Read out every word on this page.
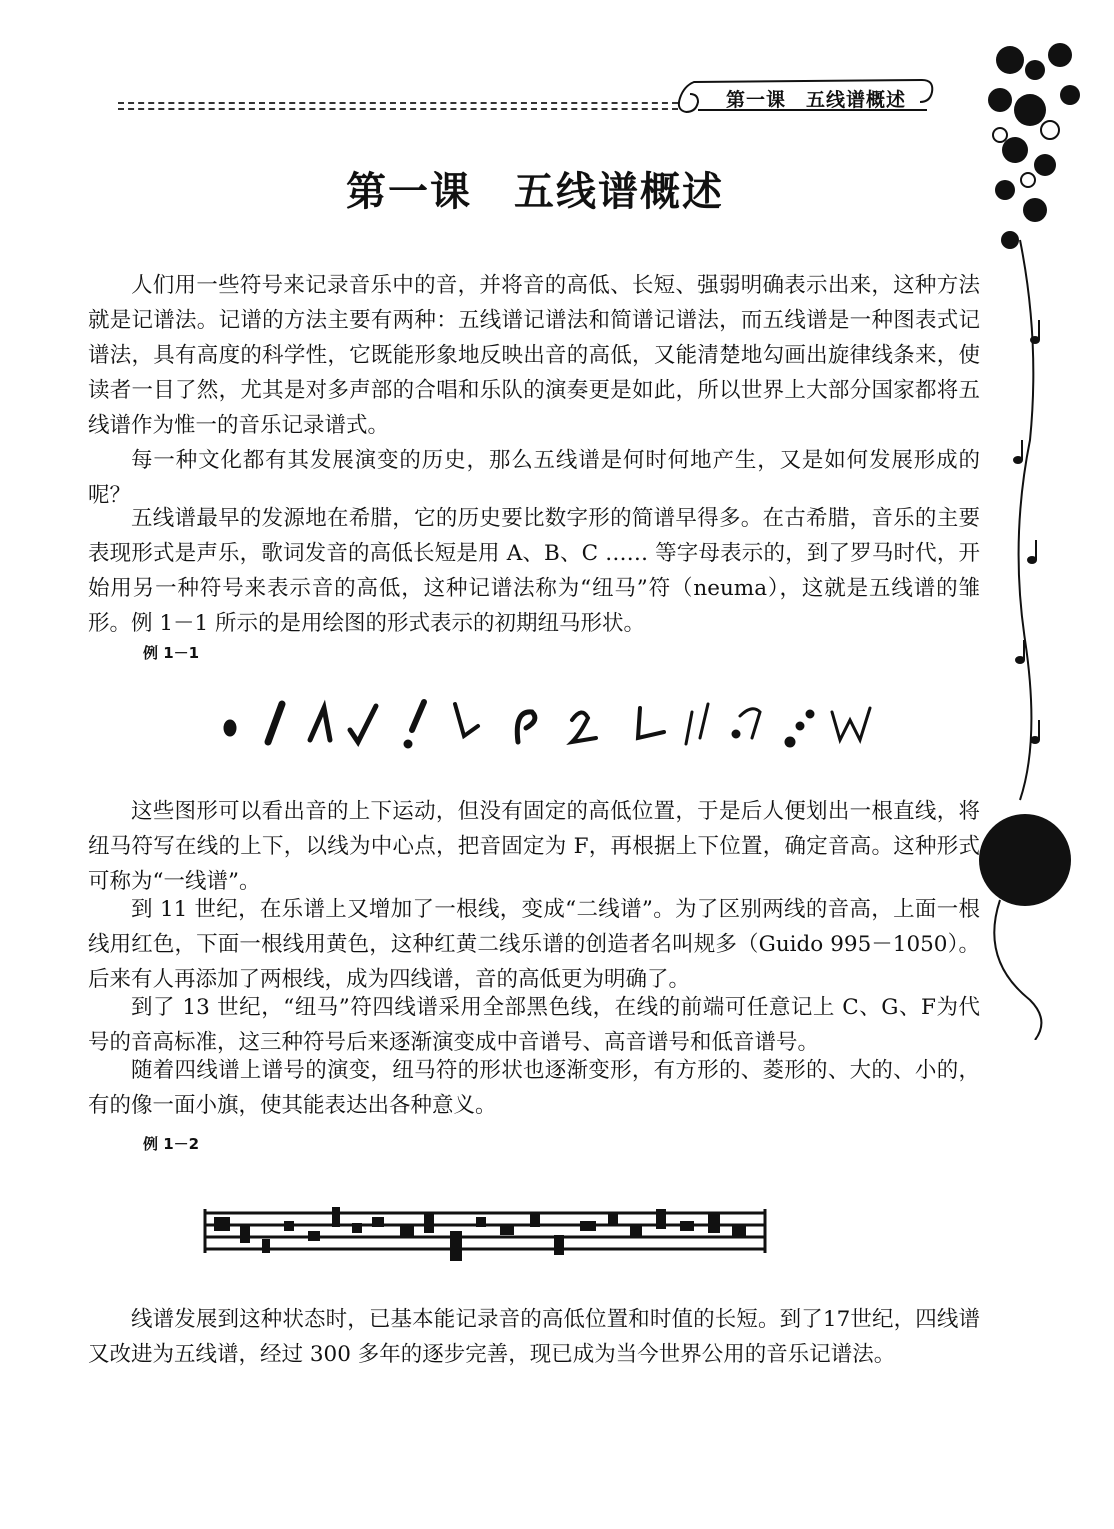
第一课　五线谱概述
第一课　五线谱概述

人们用一些符号来记录音乐中的音，并将音的高低、长短、强弱明确表示出来，这种方法就是记谱法。记谱的方法主要有两种：五线谱记谱法和简谱记谱法，而五线谱是一种图表式记谱法，具有高度的科学性，它既能形象地反映出音的高低，又能清楚地勾画出旋律线条来，使读者一目了然，尤其是对多声部的合唱和乐队的演奏更是如此，所以世界上大部分国家都将五线谱作为惟一的音乐记录谱式。

每一种文化都有其发展演变的历史，那么五线谱是何时何地产生，又是如何发展形成的呢？

五线谱最早的发源地在希腊，它的历史要比数字形的简谱早得多。在古希腊，音乐的主要表现形式是声乐，歌词发音的高低长短是用 A、B、C …… 等字母表示的，到了罗马时代，开始用另一种符号来表示音的高低，这种记谱法称为“纽马”符（neuma），这就是五线谱的雏形。例 1－1 所示的是用绘图的形式表示的初期纽马形状。

例 1－1

这些图形可以看出音的上下运动，但没有固定的高低位置，于是后人便划出一根直线，将纽马符写在线的上下，以线为中心点，把音固定为 F，再根据上下位置，确定音高。这种形式可称为“一线谱”。

到 11 世纪，在乐谱上又增加了一根线，变成“二线谱”。为了区别两线的音高，上面一根线用红色，下面一根线用黄色，这种红黄二线乐谱的创造者名叫规多（Guido 995－1050）。后来有人再添加了两根线，成为四线谱，音的高低更为明确了。

到了 13 世纪，“纽马”符四线谱采用全部黑色线，在线的前端可任意记上 C、G、F为代号的音高标准，这三种符号后来逐渐演变成中音谱号、高音谱号和低音谱号。

随着四线谱上谱号的演变，纽马符的形状也逐渐变形，有方形的、菱形的、大的、小的，有的像一面小旗，使其能表达出各种意义。

例 1－2

线谱发展到这种状态时，已基本能记录音的高低位置和时值的长短。到了17世纪，四线谱又改进为五线谱，经过 300 多年的逐步完善，现已成为当今世界公用的音乐记谱法。
